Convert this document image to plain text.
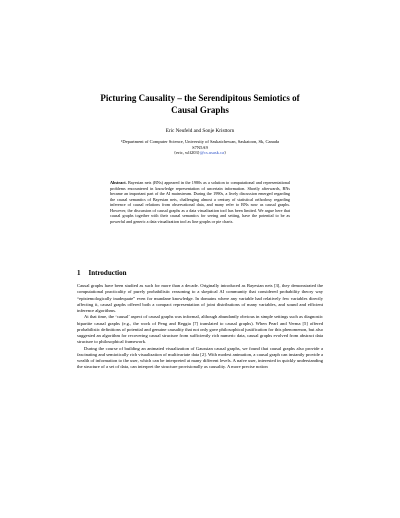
Picturing Causality – the Serendipitous Semiotics of
Causal Graphs
Eric Neufeld and Sonje Kristtorn
¹Department of Computer Science, University of Saskatchewan, Saskatoon, Sk, Canada
S7N5A9
{eric, wlf203}@cs.usask.ca}
Abstract. Bayesian nets (BNs) appeared in the 1980s as a solution to computational and representational problems encountered in knowledge representation of uncertain information. Shortly afterwards, BNs became an important part of the AI mainstream. During the 1990s, a lively discussion emerged regarding the causal semantics of Bayesian nets, challenging almost a century of statistical orthodoxy regarding inference of causal relations from observational data, and many refer to BNs now as causal graphs. However, the discussion of causal graphs as a data visualization tool has been limited. We argue here that causal graphs together with their causal semantics for seeing and setting, have the potential to be as powerful and generic a data visualization tool as line graphs or pie charts.
1 Introduction

Causal graphs have been studied as such for more than a decade. Originally introduced as Bayesian nets [3], they demonstrated the computational practicality of purely probabilistic reasoning to a skeptical AI community that considered probability theory way “epistemologically inadequate” even for mundane knowledge. In domains where any variable had relatively few variables directly affecting it, causal graphs offered both a compact representation of joint distributions of many variables, and sound and efficient inference algorithms.

At that time, the ‘causal’ aspect of causal graphs was informal, although abundantly obvious in simple settings such as diagnostic bipartite causal graphs (e.g., the work of Peng and Reggia [7] translated to causal graphs). When Pearl and Verma [5] offered probabilistic definitions of potential and genuine causality that not only gave philosophical justification for this phenomenon, but also suggested an algorithm for recovering causal structure from sufficiently rich numeric data, causal graphs evolved from abstract data structure to philosophical framework.

During the course of building an animated visualization of Gaussian causal graphs, we found that causal graphs also provide a fascinating and semiotically rich visualization of multivariate data [2]. With modest animation, a causal graph can instantly provide a wealth of information to the user, which can be interpreted at many different levels. A naïve user, interested in quickly understanding the structure of a set of data, can interpret the structure provisionally as causality. A more precise notion
